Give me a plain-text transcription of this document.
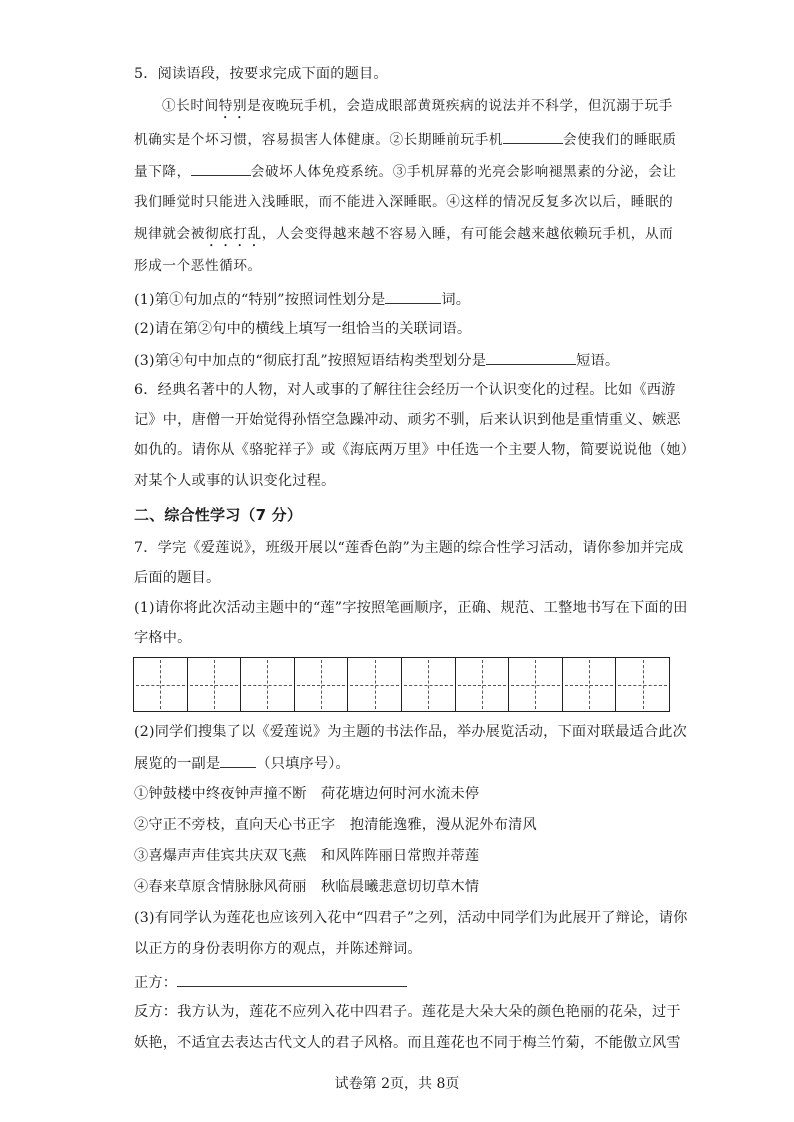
5．阅读语段，按要求完成下面的题目。
①长时间特别是夜晚玩手机，会造成眼部黄斑疾病的说法并不科学，但沉溺于玩手
机确实是个坏习惯，容易损害人体健康。②长期睡前玩手机	会使我们的睡眠质
量下降，	会破坏人体免疫系统。③手机屏幕的光亮会影响褪黑素的分泌，会让
我们睡觉时只能进入浅睡眠，而不能进入深睡眠。④这样的情况反复多次以后，睡眠的
规律就会被彻底打乱，人会变得越来越不容易入睡，有可能会越来越依赖玩手机，从而
形成一个恶性循环。
(1)第①句加点的“特别”按照词性划分是	词。
(2)请在第②句中的横线上填写一组恰当的关联词语。
(3)第④句中加点的“彻底打乱”按照短语结构类型划分是	短语。
6．经典名著中的人物，对人或事的了解往往会经历一个认识变化的过程。比如《西游
记》中，唐僧一开始觉得孙悟空急躁冲动、顽劣不驯，后来认识到他是重情重义、嫉恶
如仇的。请你从《骆驼祥子》或《海底两万里》中任选一个主要人物，简要说说他（她）
对某个人或事的认识变化过程。
二、综合性学习（7 分）
7．学完《爱莲说》，班级开展以“莲香色韵”为主题的综合性学习活动，请你参加并完成
后面的题目。
(1)请你将此次活动主题中的“莲”字按照笔画顺序，正确、规范、工整地书写在下面的田
字格中。
(2)同学们搜集了以《爱莲说》为主题的书法作品，举办展览活动，下面对联最适合此次
展览的一副是	（只填序号）。
①钟鼓楼中终夜钟声撞不断　荷花塘边何时河水流未停
②守正不旁枝，直向天心书正字　抱清能逸雅，漫从泥外布清风
③喜爆声声佳宾共庆双飞燕　和风阵阵丽日常煦并蒂莲
④春来草原含情脉脉风荷丽　秋临晨曦悲意切切草木情
(3)有同学认为莲花也应该列入花中“四君子”之列，活动中同学们为此展开了辩论，请你
以正方的身份表明你方的观点，并陈述辩词。
正方：
反方：我方认为，莲花不应列入花中四君子。莲花是大朵大朵的颜色艳丽的花朵，过于
妖艳，不适宜去表达古代文人的君子风格。而且莲花也不同于梅兰竹菊，不能傲立风雪
试卷第 2页，共 8页
